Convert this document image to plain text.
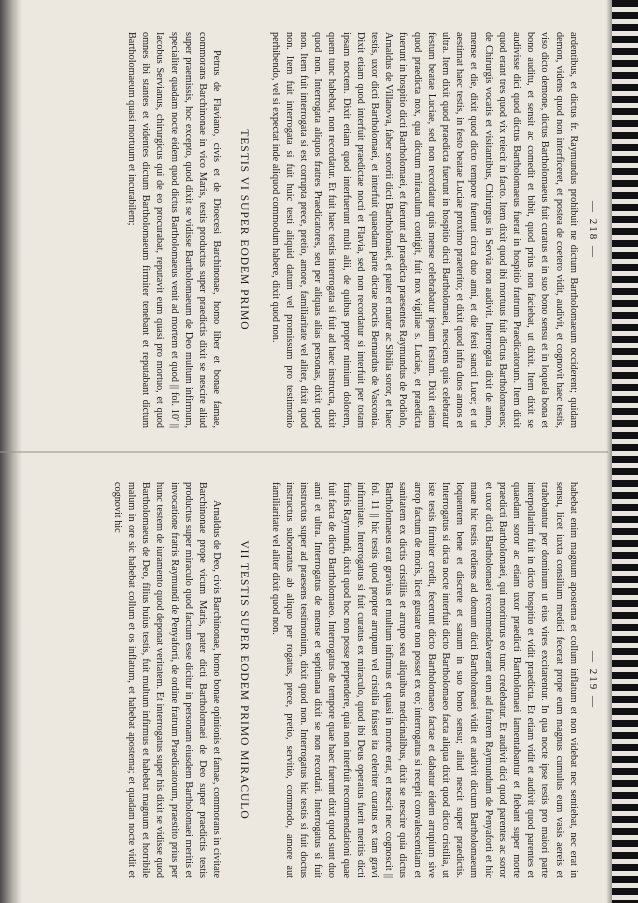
— 218 —

ardentibus, et dictus fr. Raymundus prohibuit ne dictum Bartholomaeum occiderent; quidam demon, videns quod non interficeret, et postea de coetero vidit, audivit, et cognovit haec testis, viso dicto demone, dictus Bartholomaeus fuit curatus et in suo bono sensu et in loquela bona et bono auditu, et sensit ac comedit et bibit, quod prius non faciebat, ut dixit. Item dixit se audivisse dici quod dictus Bartholomaeus fuerat in hospitio fratrum Praedicatorum. Item dixit quod erant tres quod vix reiecit in facto. Item dixit quod ibi mortuus fuit dictus Bartholomaeus; de Chirurgis vocatis et visitantibus, Chirurgus in Servia non audivit. Interrogata dixit de anno, mense et die, dixit quod dicto tempore fuerunt circa duo anni, et die festi sancti Luce; et ut aestimat haec testis, in festo beatae Luciae proximo praeterito; et dixit quod infra duos annos et ultra. Item dixit quod praedicta fuerunt in hospitio dicti Bartholomaei, nesciens quis celebratur festum beatae Luciae, sed non recordatur quis mense celebrabatur ipsum festum. Dixit etiam quod praedicta nox, qua dictum miraculum contigit, fuit nox vigiliae s. Luciae, et praedicta fuerunt in hospitio dicti Bartholomaei, et fuerunt ad praedicta praesentes Raymundus de Podiolo, Arnaldus de Villanova, faber sororii dicti Bartholomaei, et pater et mater ac Sibilia soror, et haec testis, uxor dicti Bartholomaei, et interfuit quaedam parte dictae noctis Bernardus de Vasconia. Dixit etiam quod interfuit praedictae nocti et Flavia, sed non recordatur si interfuit per totam ipsam noctem. Dixit etiam quod interfuerunt multi alii, de quibus propter nimium dolorem, quem tunc habebat, non recordatur. Et fuit haec testis interrogata si fuit ad haec instructa, dixit quod non. Interrogata aliquos fratres Praedicatores, seu per aliquas alias personas, dixit quod non. Item fuit interrogata si est corrupta prece, pretio, amore, familiaritate vel aliter, dixit quod non. Item fuit interrogata si fuit huic testi aliquid datum vel promissum pro testimonio perhibendo, vel si expectat inde aliquod commodum habere, dixit quod non.

TESTIS VI SUPER EODEM PRIMO

Petrus de Flaviano, civis et de Dioecesi Barchinonae, homo liber et bonae famae, commorans Barchinonae in vico Maris, testis productus super praedictis dixit se nescire aliud super praemissis, hoc excepto, quod dixit se vidisse Bartholomaeum de Deo multum infirmum, specialiter quadam nocte eidem quod dictus Bartholomaeus venit ad mortem et quod || fol. 10' || Iacobus Servianus, chirurgicus qui de eo procurabat, reputavit eum quasi pro mortuo, et quod omnes ibi stantes et videntes dictum Bartholomaeum firmiter tenebant et reputabant dictum Bartholomaeum quasi mortuum et incurabilem;

— 219 —

habebat enim magnum apostema et collum inflatum et non videbat nec sentiebat, nec erat in sensu, licet iuxta consilium medici fecerat prope eum magnus cumulus eum vasis aereis et trahebantur per dominum ut eius vires excitarentur. In qua nocte ipse testis pro maiori parte interpollatim fuit in dicto hospitio et vidit praedicta. Et etiam vidit et audivit quod parentes et quaedam soror ac etiam uxor praedicti Bartholomaei lamentabantur et flebant super morte praedicti Bartholomaei, qui moriturus eo tunc credebatur. Et audivit dici quod parentes ac soror et uxor dicti Bartholomaei recommendaverant eum ad fratrem Raymundum de Penyaforti et hic mane hic testis rediens ad domum dicti Bartholomaei vidit et audivit dictum Bartholomaeum loquentem bene et discrete et sanum in suo bono sensu; aliud nescit super praedictis. Interrogatus si dicta nocte interfuit dicto Bartholomaeo facta aliqua dixit quod dicto cristilia, ut iste testis firmiter credit, fecerunt dicto Bartholomaeo factae et dabatur eidem arrupium sive arrop factum de moris, licet gustare non posset ex eo; interrogatus si recepit convalescentiam et sanitatem ex dictis cristiliis et arrupo seu aliquibus medicinalibus, dixit se nescire quia dictus Bartholomaeus erat gravius et multum infirmus et quasi in morte erat, et nescit nec cognoscit || fol. 11 || hic testis quod propter arrupum vel cristilia fuisset ita celeriter curatus ex tam gravi infirmitate. Interrogatus si fuit curatus ex miraculo, quod ibi Deus operatus fuerit meritis dicti fratris Raymundi, dixit quod hoc non posse perpendere, quia non interfuit recommendationi quae fuit facta de dicto Bartholomaeo. Interrogatus de tempore quae haec fuerunt dixit quod sunt duo anni et ultra. Interrogatus de mense et septimana dixit se non recordari. Interrogatus si fuit instructus super ad praesens testimonium, dixit quod non. Interrogatus hic testis si fuit doctus instructus subornatus ab aliquo per rogatus, prece, pretio, servitio, commodo, amore aut familiaritate vel aliter dixit quod non.

VII TESTIS SUPER EODEM PRIMO MIRACULO

Arnaldus de Deo, civis Barchinonae, homo bonae opinionis et famae, commorans in civitate Barchinonae prope vicum Maris, pater dicti Bartholomaei de Deo super praedictis testis productus super miraculo quod factum esse dicitur in personam eiusdem Bartholomaei meritis et invocatione fratris Raymundi de Penyaforti, de ordine fratrum Praedicatorum, praestito prius per hunc testem de iuramento quod deponat veritatem. Et interrogatus super his dixit se vidisse quod Bartholomaeus de Deo, filius huius testis, fuit multum infirmus et habebat magnum et horribile malum in ore sic habebat collum et os inflatum, et habebat apostema; et quadam nocte vidit et cognovit hic
